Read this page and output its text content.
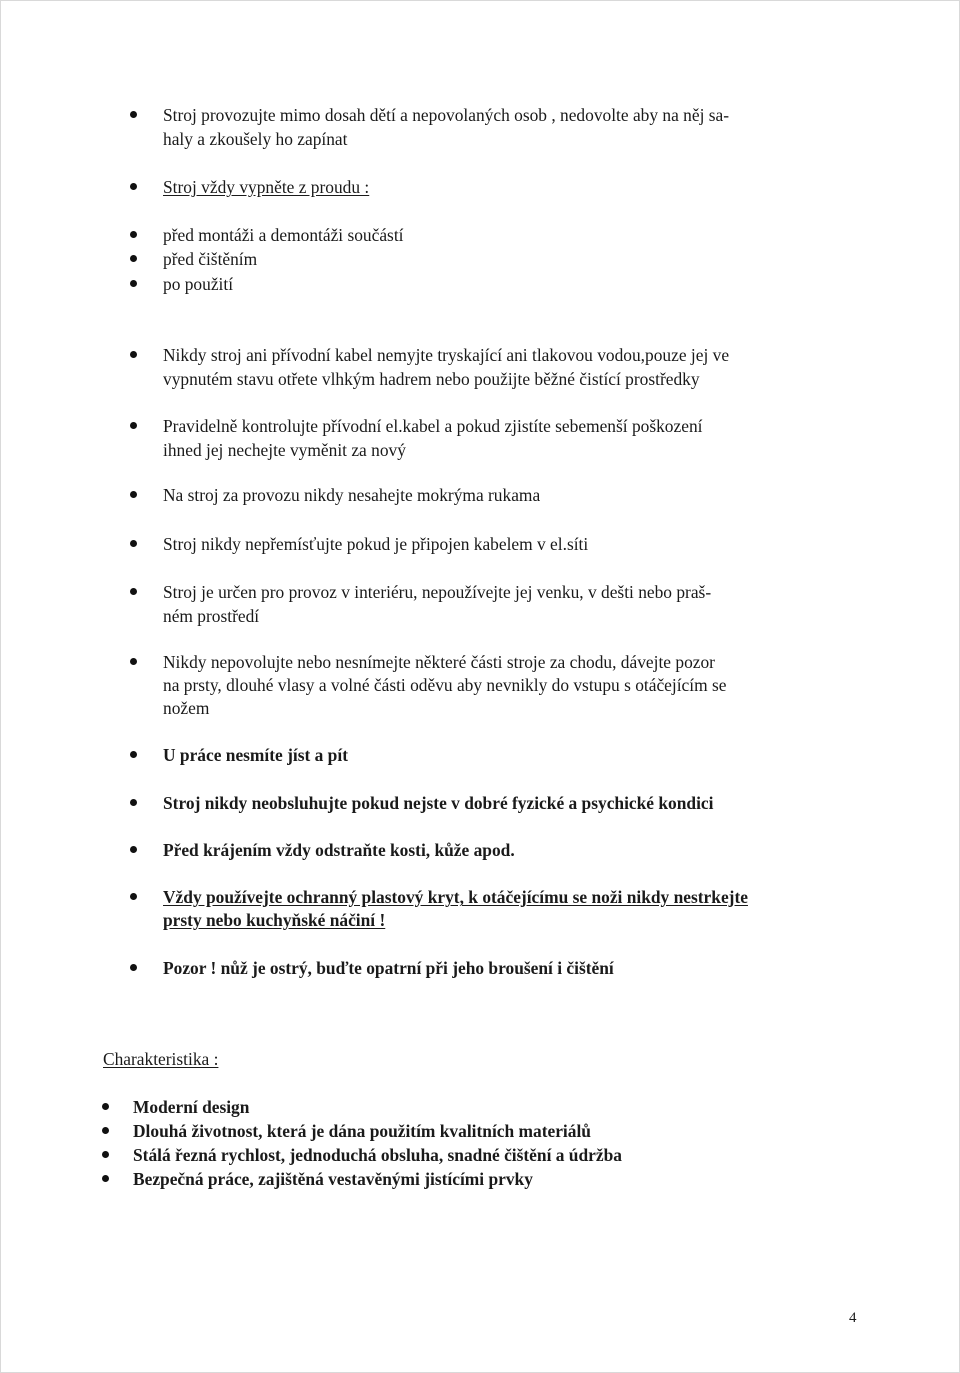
Stroj provozujte mimo dosah dětí a nepovolaných osob , nedovolte aby na něj sa-
haly a zkoušely ho zapínat
Stroj vždy vypněte z proudu :
před montáži a demontáži součástí
před čištěním
po použití
Nikdy stroj ani přívodní kabel nemyjte tryskající ani tlakovou vodou,pouze jej ve
vypnutém stavu otřete vlhkým hadrem nebo použijte běžné čistící prostředky
Pravidelně kontrolujte přívodní el.kabel a pokud zjistíte sebemenší poškození
ihned jej nechejte vyměnit za nový
Na stroj za provozu nikdy nesahejte mokrýma rukama
Stroj nikdy nepřemísťujte pokud je připojen kabelem v el.síti
Stroj je určen pro provoz v interiéru, nepoužívejte jej venku, v dešti nebo praš-
ném prostředí
Nikdy nepovolujte nebo nesnímejte některé části stroje za chodu, dávejte pozor
na prsty, dlouhé vlasy a volné části oděvu aby nevnikly do vstupu s otáčejícím se
nožem
U práce nesmíte jíst a pít
Stroj nikdy neobsluhujte pokud nejste v dobré fyzické a psychické kondici
Před krájením vždy odstraňte kosti, kůže apod.
Vždy používejte ochranný plastový kryt, k otáčejícímu se noži nikdy nestrkejte
prsty nebo kuchyňské náčiní !
Pozor ! nůž je ostrý, buďte opatrní při jeho broušení i čištění
Charakteristika :
Moderní design
Dlouhá životnost, která je dána použitím kvalitních materiálů
Stálá řezná rychlost, jednoduchá obsluha, snadné čištění a údržba
Bezpečná práce, zajištěná vestavěnými jistícími prvky
4
